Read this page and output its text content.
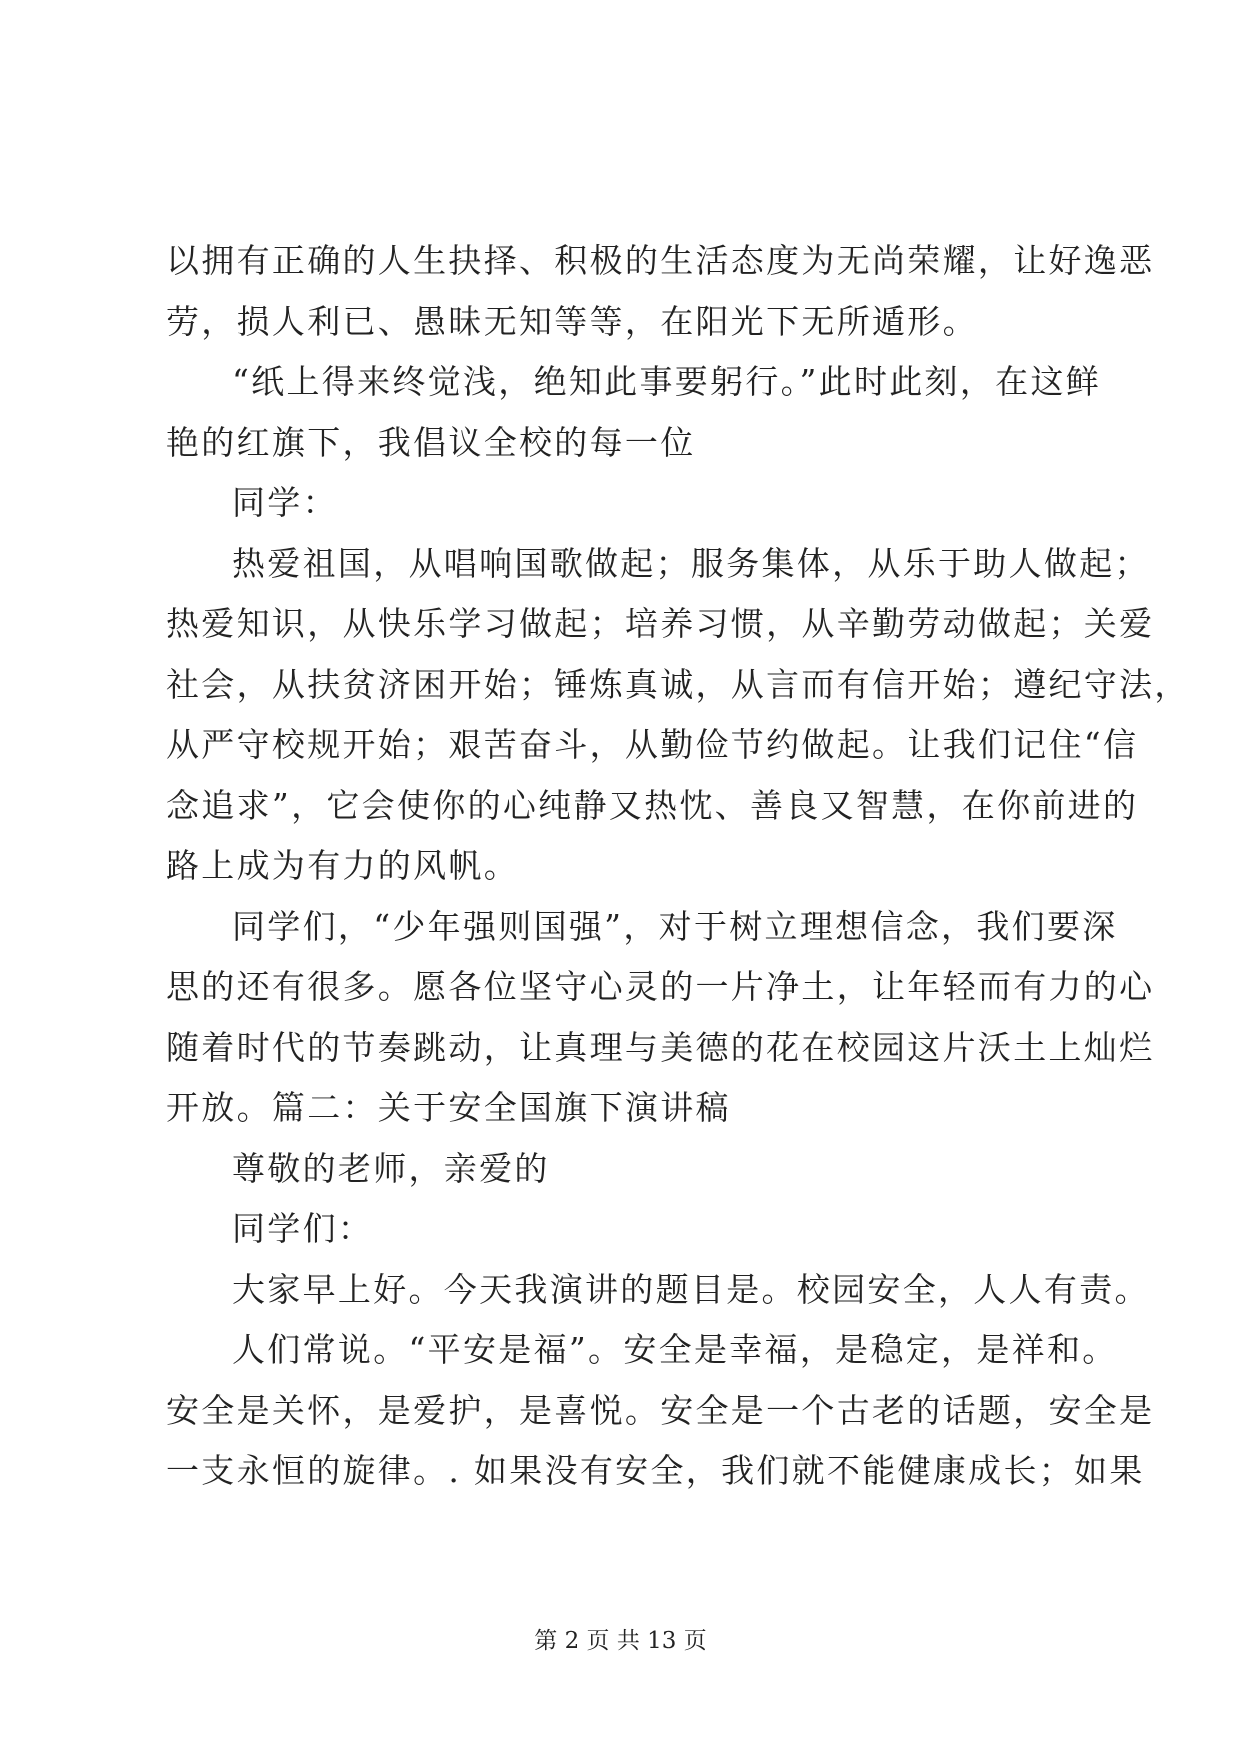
以拥有正确的人生抉择、积极的生活态度为无尚荣耀，让好逸恶
劳，损人利已、愚昧无知等等，在阳光下无所遁形。
“纸上得来终觉浅，绝知此事要躬行。”此时此刻，在这鲜
艳的红旗下，我倡议全校的每一位
同学：
热爱祖国，从唱响国歌做起；服务集体，从乐于助人做起；
热爱知识，从快乐学习做起；培养习惯，从辛勤劳动做起；关爱
社会，从扶贫济困开始；锤炼真诚，从言而有信开始；遵纪守法，
从严守校规开始；艰苦奋斗，从勤俭节约做起。让我们记住“信
念追求”，它会使你的心纯静又热忱、善良又智慧，在你前进的
路上成为有力的风帆。
同学们，“少年强则国强”，对于树立理想信念，我们要深
思的还有很多。愿各位坚守心灵的一片净土，让年轻而有力的心
随着时代的节奏跳动，让真理与美德的花在校园这片沃土上灿烂
开放。篇二：关于安全国旗下演讲稿
尊敬的老师，亲爱的
同学们：
大家早上好。今天我演讲的题目是。校园安全，人人有责。
人们常说。“平安是福”。安全是幸福，是稳定，是祥和。
安全是关怀，是爱护，是喜悦。安全是一个古老的话题，安全是
一支永恒的旋律。. 如果没有安全，我们就不能健康成长；如果
第 2 页 共 13 页
